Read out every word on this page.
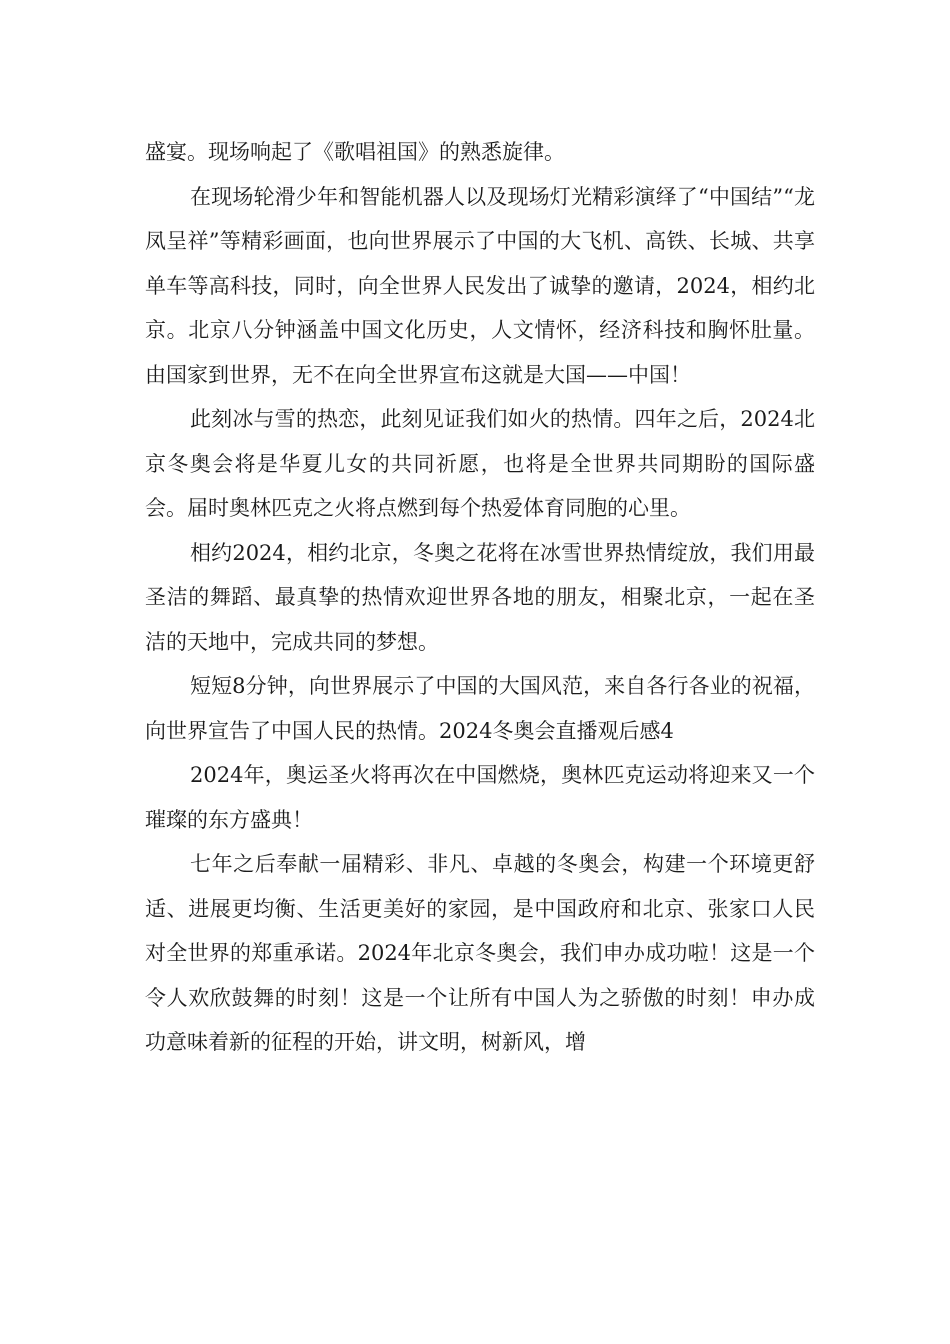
盛宴。现场响起了《歌唱祖国》的熟悉旋律。

在现场轮滑少年和智能机器人以及现场灯光精彩演绎了“中国结”“龙凤呈祥”等精彩画面，也向世界展示了中国的大飞机、高铁、长城、共享单车等高科技，同时，向全世界人民发出了诚挚的邀请，2024，相约北京。北京八分钟涵盖中国文化历史，人文情怀，经济科技和胸怀肚量。由国家到世界，无不在向全世界宣布这就是大国——中国！

此刻冰与雪的热恋，此刻见证我们如火的热情。四年之后，2024北京冬奥会将是华夏儿女的共同祈愿，也将是全世界共同期盼的国际盛会。届时奥林匹克之火将点燃到每个热爱体育同胞的心里。

相约2024，相约北京，冬奥之花将在冰雪世界热情绽放，我们用最圣洁的舞蹈、最真挚的热情欢迎世界各地的朋友，相聚北京，一起在圣洁的天地中，完成共同的梦想。

短短8分钟，向世界展示了中国的大国风范，来自各行各业的祝福，向世界宣告了中国人民的热情。2024冬奥会直播观后感4

2024年，奥运圣火将再次在中国燃烧，奥林匹克运动将迎来又一个璀璨的东方盛典！

七年之后奉献一届精彩、非凡、卓越的冬奥会，构建一个环境更舒适、进展更均衡、生活更美好的家园，是中国政府和北京、张家口人民对全世界的郑重承诺。2024年北京冬奥会，我们申办成功啦！这是一个令人欢欣鼓舞的时刻！这是一个让所有中国人为之骄傲的时刻！申办成功意味着新的征程的开始，讲文明，树新风，增
